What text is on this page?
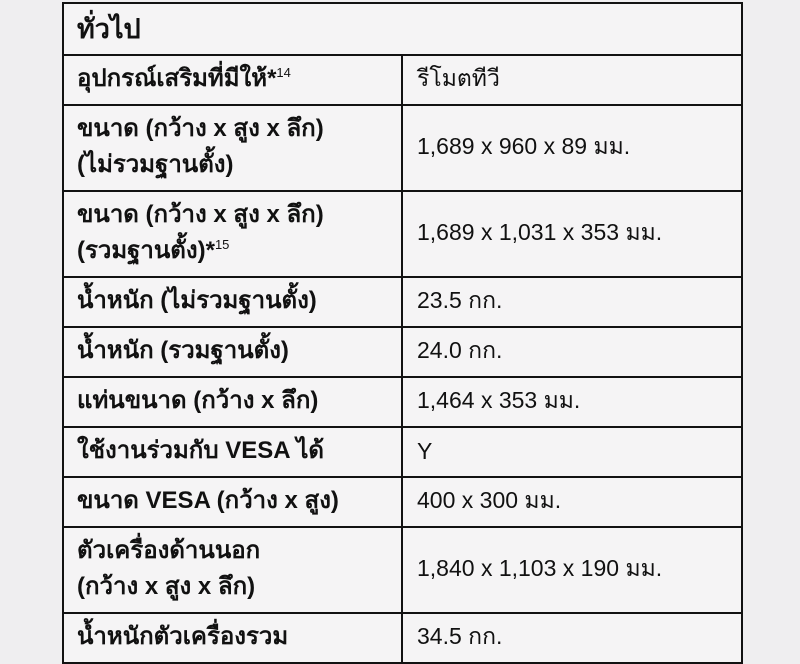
ทั่วไป	
อุปกรณ์เสริมที่มีให้*$^{14}$	รีโมตทีวี
ขนาด (กว้าง x สูง x ลึก)
(ไม่รวมฐานตั้ง)	1,689 x 960 x 89 มม.
ขนาด (กว้าง x สูง x ลึก)
(รวมฐานตั้ง)*$^{15}$	1,689 x 1,031 x 353 มม.
น้ำหนัก (ไม่รวมฐานตั้ง)	23.5 กก.
น้ำหนัก (รวมฐานตั้ง)	24.0 กก.
แท่นขนาด (กว้าง x ลึก)	1,464 x 353 มม.
ใช้งานร่วมกับ VESA ได้	Y
ขนาด VESA (กว้าง x สูง)	400 x 300 มม.
ตัวเครื่องด้านนอก
(กว้าง x สูง x ลึก)	1,840 x 1,103 x 190 มม.
น้ำหนักตัวเครื่องรวม	34.5 กก.
